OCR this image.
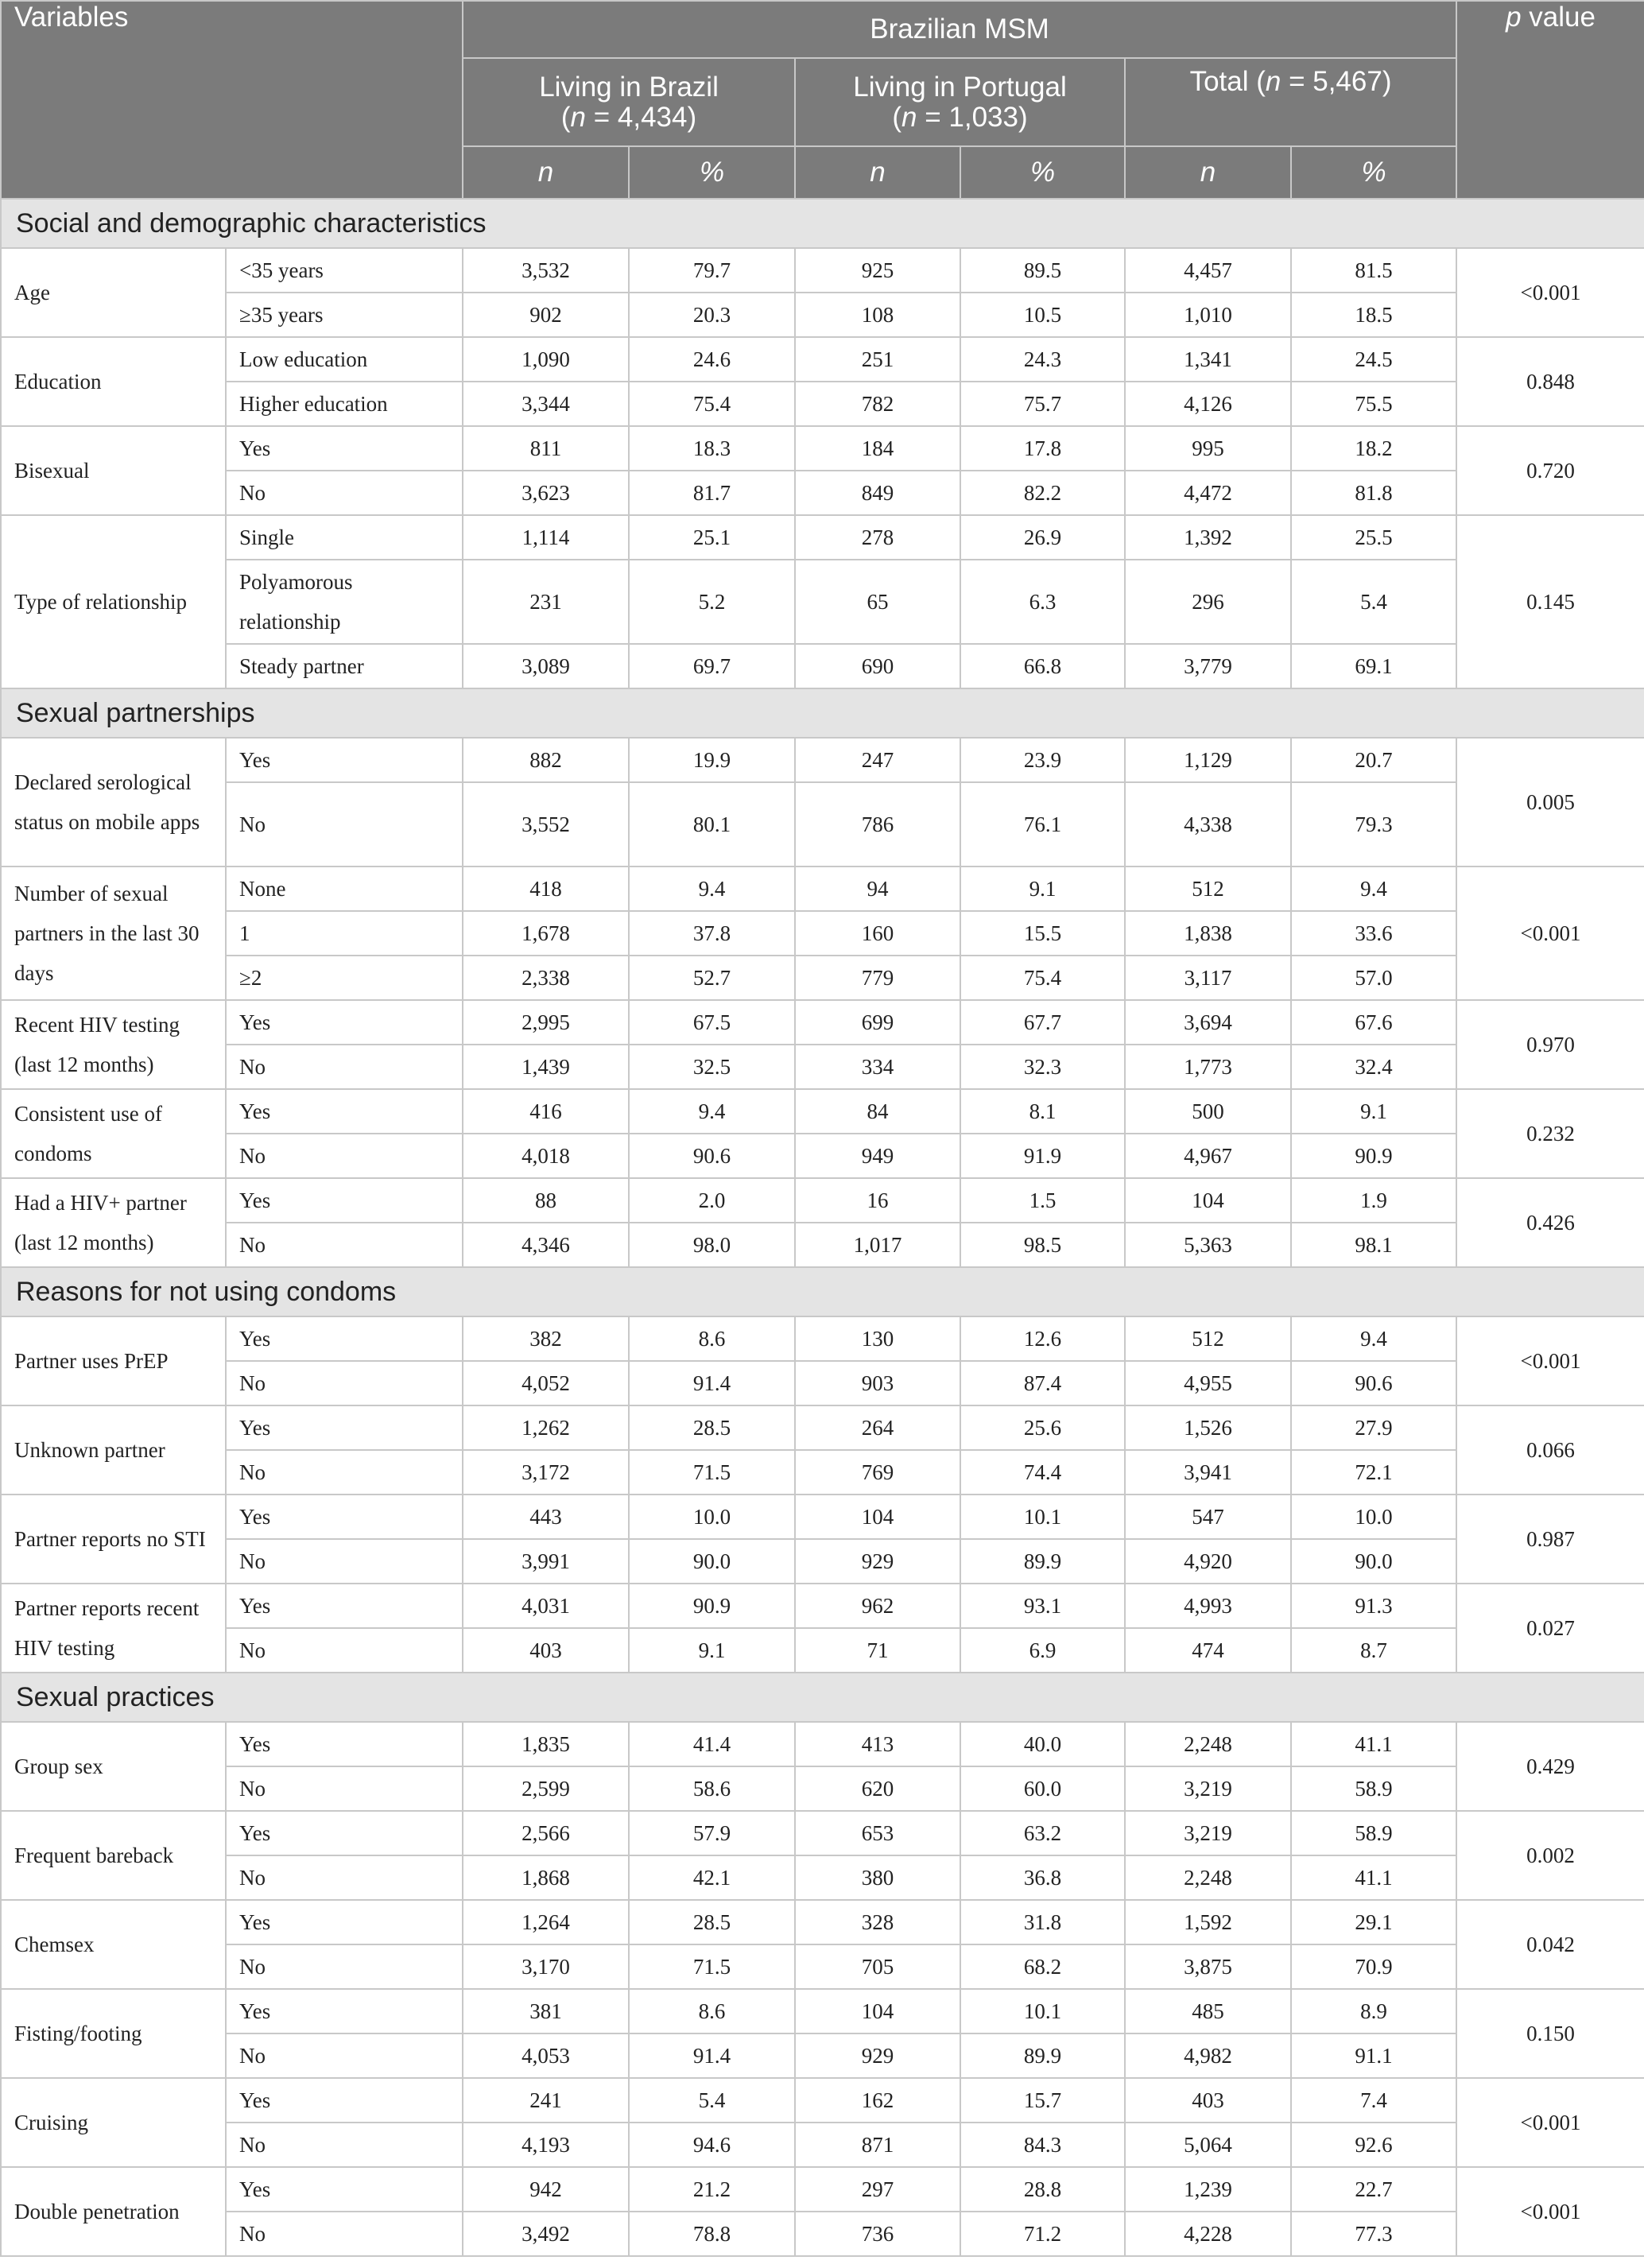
Variables		Brazilian MSM						p value
		Living in Brazil
(n = 4,434)		Living in Portugal
(n = 1,033)		Total (n = 5,467)		
		n	%	n	%	n	%	
Social and demographic characteristics								
Age	<35 years	3,532	79.7	925	89.5	4,457	81.5	<0.001
	≥35 years	902	20.3	108	10.5	1,010	18.5	
Education	Low education	1,090	24.6	251	24.3	1,341	24.5	0.848
	Higher education	3,344	75.4	782	75.7	4,126	75.5	
Bisexual	Yes	811	18.3	184	17.8	995	18.2	0.720
	No	3,623	81.7	849	82.2	4,472	81.8	
Type of relationship	Single	1,114	25.1	278	26.9	1,392	25.5	0.145
	Polyamorous relationship	231	5.2	65	6.3	296	5.4	
	Steady partner	3,089	69.7	690	66.8	3,779	69.1	
Sexual partnerships								
Declared serological status on mobile apps	Yes	882	19.9	247	23.9	1,129	20.7	0.005
	No	3,552	80.1	786	76.1	4,338	79.3	
Number of sexual partners in the last 30 days	None	418	9.4	94	9.1	512	9.4	<0.001
	1	1,678	37.8	160	15.5	1,838	33.6	
	≥2	2,338	52.7	779	75.4	3,117	57.0	
Recent HIV testing (last 12 months)	Yes	2,995	67.5	699	67.7	3,694	67.6	0.970
	No	1,439	32.5	334	32.3	1,773	32.4	
Consistent use of condoms	Yes	416	9.4	84	8.1	500	9.1	0.232
	No	4,018	90.6	949	91.9	4,967	90.9	
Had a HIV+ partner (last 12 months)	Yes	88	2.0	16	1.5	104	1.9	0.426
	No	4,346	98.0	1,017	98.5	5,363	98.1	
Reasons for not using condoms								
Partner uses PrEP	Yes	382	8.6	130	12.6	512	9.4	<0.001
	No	4,052	91.4	903	87.4	4,955	90.6	
Unknown partner	Yes	1,262	28.5	264	25.6	1,526	27.9	0.066
	No	3,172	71.5	769	74.4	3,941	72.1	
Partner reports no STI	Yes	443	10.0	104	10.1	547	10.0	0.987
	No	3,991	90.0	929	89.9	4,920	90.0	
Partner reports recent HIV testing	Yes	4,031	90.9	962	93.1	4,993	91.3	0.027
	No	403	9.1	71	6.9	474	8.7	
Sexual practices								
Group sex	Yes	1,835	41.4	413	40.0	2,248	41.1	0.429
	No	2,599	58.6	620	60.0	3,219	58.9	
Frequent bareback	Yes	2,566	57.9	653	63.2	3,219	58.9	0.002
	No	1,868	42.1	380	36.8	2,248	41.1	
Chemsex	Yes	1,264	28.5	328	31.8	1,592	29.1	0.042
	No	3,170	71.5	705	68.2	3,875	70.9	
Fisting/footing	Yes	381	8.6	104	10.1	485	8.9	0.150
	No	4,053	91.4	929	89.9	4,982	91.1	
Cruising	Yes	241	5.4	162	15.7	403	7.4	<0.001
	No	4,193	94.6	871	84.3	5,064	92.6	
Double penetration	Yes	942	21.2	297	28.8	1,239	22.7	<0.001
	No	3,492	78.8	736	71.2	4,228	77.3	
